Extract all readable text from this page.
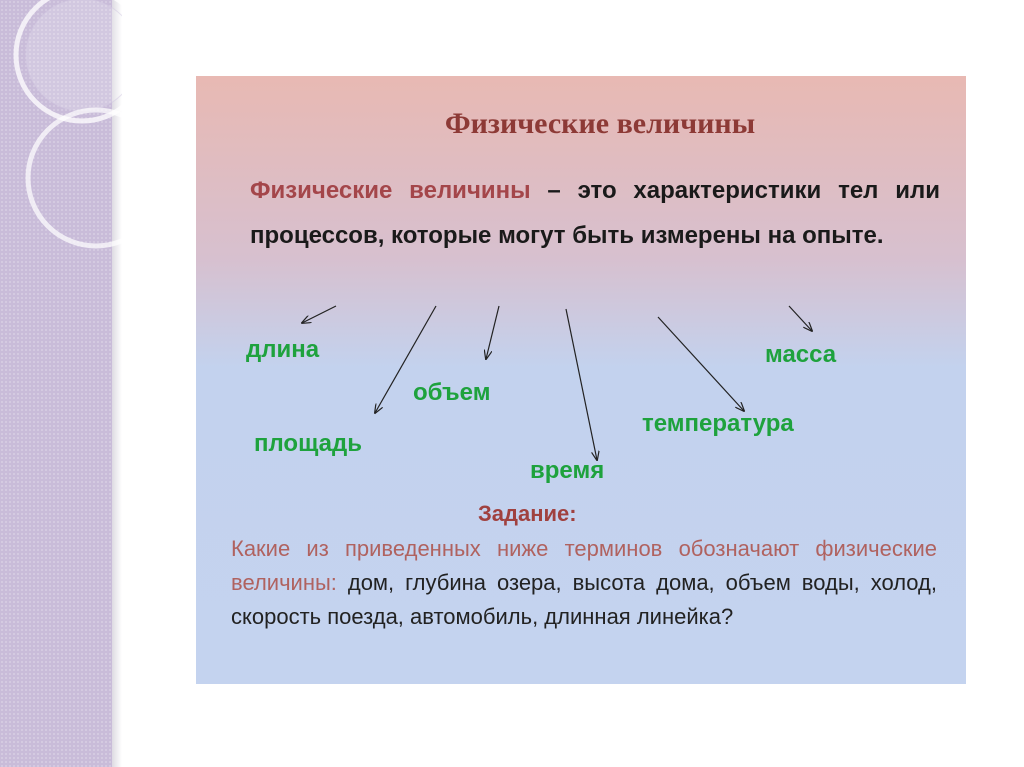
Физические величины

Физические величины – это характеристики тел или процессов, которые могут быть измерены на опыте.

длина
площадь
объем
время
температура
масса
Задание:

Какие из приведенных ниже терминов обозначают физические величины: дом, глубина озера, высота дома, объем воды, холод, скорость поезда, автомобиль, длинная линейка?
